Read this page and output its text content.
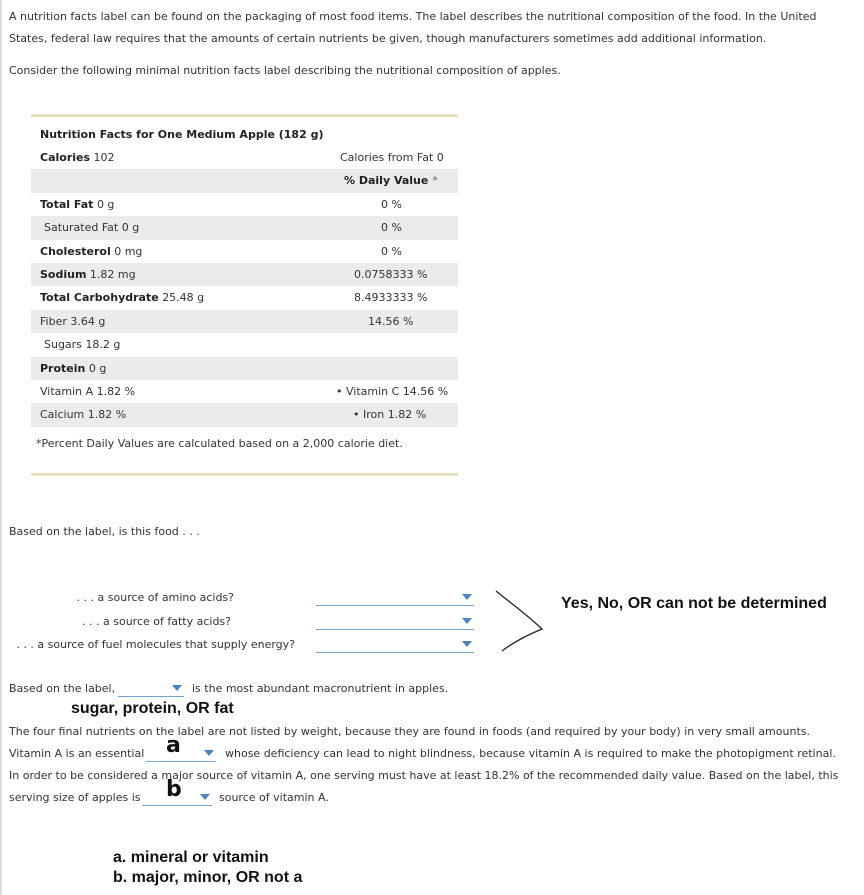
A nutrition facts label can be found on the packaging of most food items. The label describes the nutritional composition of the food. In the United

States, federal law requires that the amounts of certain nutrients be given, though manufacturers sometimes add additional information.

Consider the following minimal nutrition facts label describing the nutritional composition of apples.
Nutrition Facts for One Medium Apple (182 g)
Calories 102	Calories from Fat 0
% Daily Value *
Total Fat 0 g	0 %
Saturated Fat 0 g	0 %
Cholesterol 0 mg	0 %
Sodium 1.82 mg	0.0758333 %
Total Carbohydrate 25.48 g	8.4933333 %
Fiber 3.64 g	14.56 %
Sugars 18.2 g
Protein 0 g
Vitamin A 1.82 %	• Vitamin C 14.56 %
Calcium 1.82 %	• Iron 1.82 %
*Percent Daily Values are calculated based on a 2,000 calorie diet.
Based on the label, is this food . . .
. . . a source of amino acids?
. . . a source of fatty acids?
. . . a source of fuel molecules that supply energy?
Yes, No, OR can not be determined
Based on the label,	is the most abundant macronutrient in apples.
sugar, protein, OR fat
The four final nutrients on the label are not listed by weight, because they are found in foods (and required by your body) in very small amounts.
Vitamin A is an essential a	whose deficiency can lead to night blindness, because vitamin A is required to make the photopigment retinal.
In order to be considered a major source of vitamin A, one serving must have at least 18.2% of the recommended daily value. Based on the label, this
serving size of apples is b	source of vitamin A.
a. mineral or vitamin
b. major, minor, OR not a
